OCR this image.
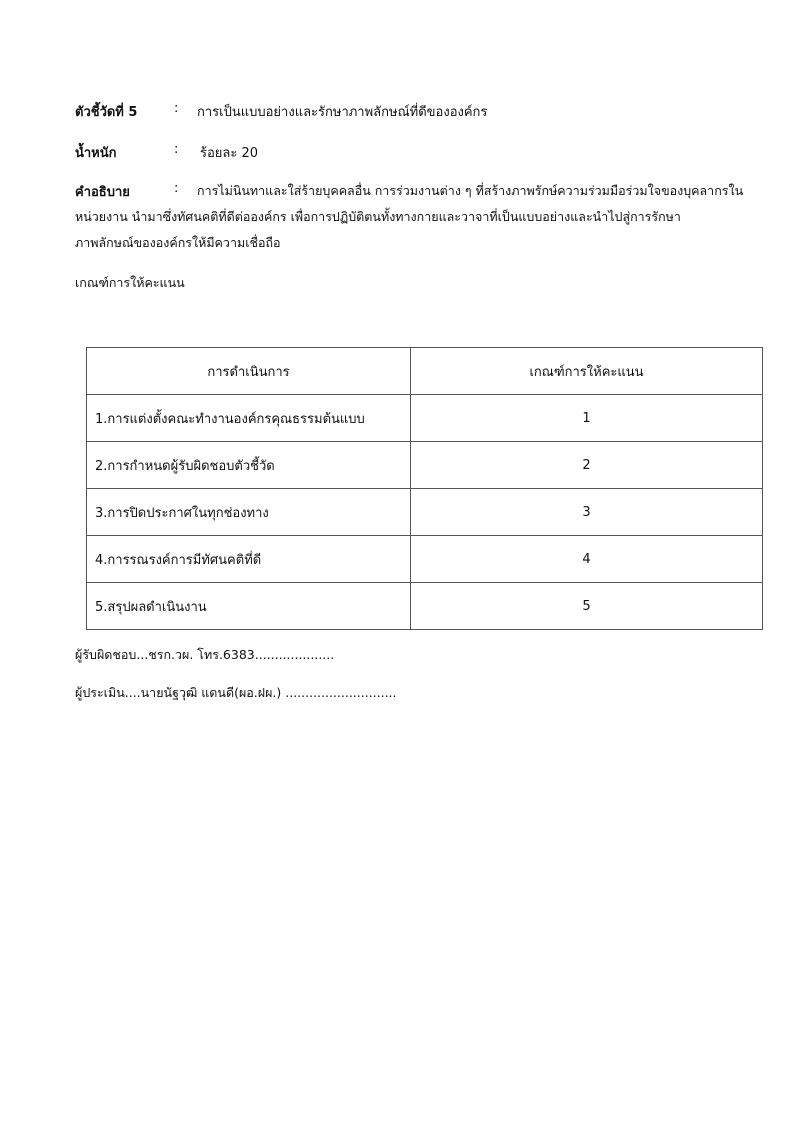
ตัวชี้วัดที่ 5	: การเป็นแบบอย่างและรักษาภาพลักษณ์ที่ดีขององค์กร
น้ำหนัก	: ร้อยละ 20
คำอธิบาย	: การไม่นินทาและใส่ร้ายบุคคลอื่น การร่วมงานต่าง ๆ ที่สร้างภาพรักษ์ความร่วมมือร่วมใจของบุคลากรใน
หน่วยงาน นำมาซึ่งทัศนคติที่ดีต่อองค์กร เพื่อการปฏิบัติตนทั้งทางกายและวาจาที่เป็นแบบอย่างและนำไปสู่การรักษา
ภาพลักษณ์ขององค์กรให้มีความเชื่อถือ
เกณฑ์การให้คะแนน
การดำเนินการ	เกณฑ์การให้คะแนน
1.การแต่งตั้งคณะทำงานองค์กรคุณธรรมต้นแบบ	1
2.การกำหนดผู้รับผิดชอบตัวชี้วัด	2
3.การปิดประกาศในทุกช่องทาง	3
4.การรณรงค์การมีทัศนคติที่ดี	4
5.สรุปผลดำเนินงาน	5
ผู้รับผิดชอบ...ชรก.วผ. โทร.6383....................
ผู้ประเมิน....นายนัฐวุฒิ แดนดี(ผอ.ฝผ.) ............................
